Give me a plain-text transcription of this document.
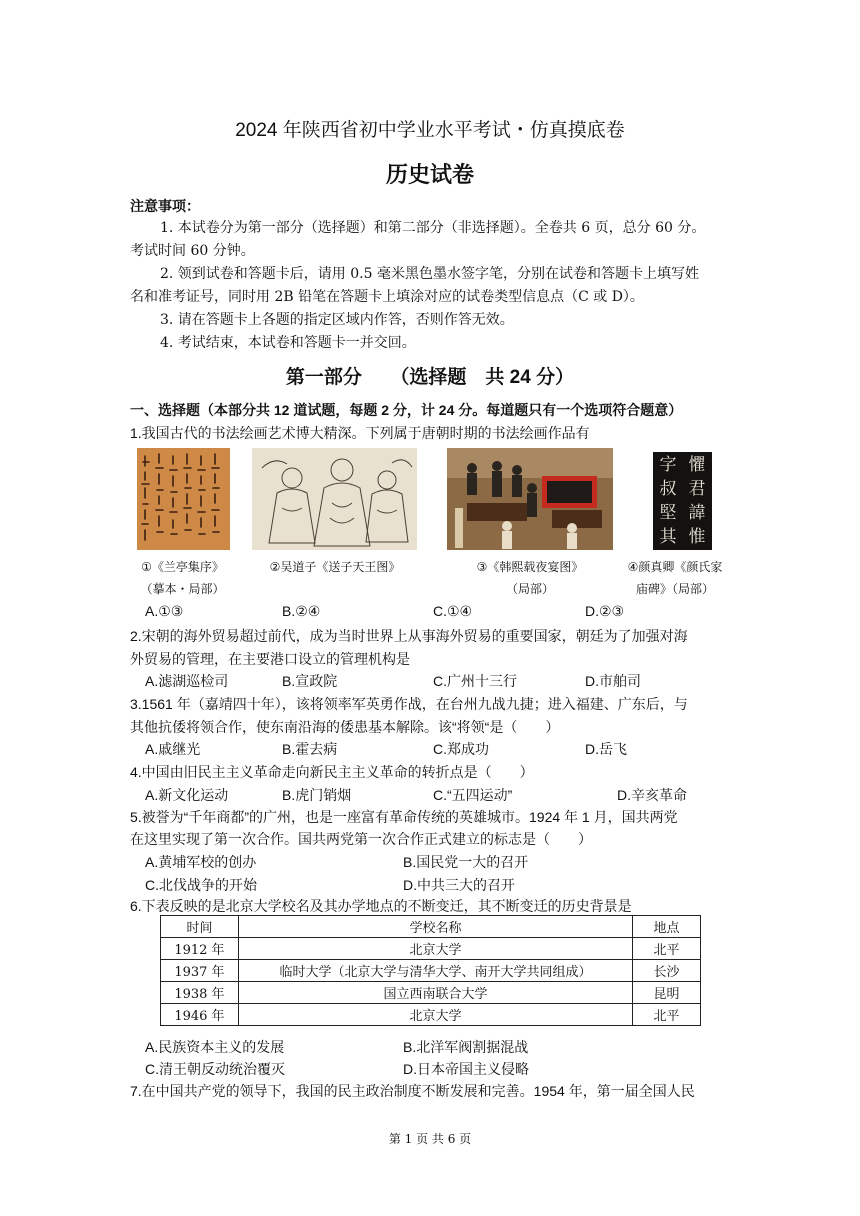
2024 年陕西省初中学业水平考试・仿真摸底卷
历史试卷
注意事项：
1. 本试卷分为第一部分（选择题）和第二部分（非选择题）。全卷共 6 页，总分 60 分。
考试时间 60 分钟。
2. 领到试卷和答题卡后，请用 0.5 毫米黑色墨水签字笔，分别在试卷和答题卡上填写姓
名和准考证号，同时用 2B 铅笔在答题卡上填涂对应的试卷类型信息点（C 或 D）。
3. 请在答题卡上各题的指定区域内作答，否则作答无效。
4. 考试结束，本试卷和答题卡一并交回。
第一部分　　（选择题　共 24 分）
一、选择题（本部分共 12 道试题，每题 2 分，计 24 分。每道题只有一个选项符合题意）
1.我国古代的书法绘画艺术博大精深。下列属于唐朝时期的书法绘画作品有
懼
君
諱
惟
字
叔
堅
其
①《兰亭集序》
（摹本・局部）
②吴道子《送子天王图》	③《韩熙载夜宴图》
（局部）
④颜真卿《颜氏家
庙碑》（局部）
A.①③	B.②④	C.①④	D.②③
2.宋朝的海外贸易超过前代，成为当时世界上从事海外贸易的重要国家，朝廷为了加强对海
外贸易的管理，在主要港口设立的管理机构是
A.滤湖巡检司	B.宣政院	C.广州十三行	D.市舶司
3.1561 年（嘉靖四十年），该将领率军英勇作战，在台州九战九捷；进入福建、广东后，与
其他抗倭将领合作，使东南沿海的倭患基本解除。该“将领“是（　　）
A.戚继光	B.霍去病	C.郑成功	D.岳飞
4.中国由旧民主主义革命走向新民主主义革命的转折点是（　　）
A.新文化运动	B.虎门销烟	C.“五四运动”	D.辛亥革命
5.被誉为“千年商都”的广州，也是一座富有革命传统的英雄城市。1924 年 1 月，国共两党
在这里实现了第一次合作。国共两党第一次合作正式建立的标志是（　　）
A.黄埔军校的创办	B.国民党一大的召开
C.北伐战争的开始	D.中共三大的召开
6.下表反映的是北京大学校名及其办学地点的不断变迁，其不断变迁的历史背景是
时间	学校名称	地点
1912 年	北京大学	北平
1937 年	临时大学（北京大学与清华大学、南开大学共同组成）	长沙
1938 年	国立西南联合大学	昆明
1946 年	北京大学	北平
A.民族资本主义的发展	B.北洋军阀割据混战
C.清王朝反动统治覆灭	D.日本帝国主义侵略
7.在中国共产党的领导下，我国的民主政治制度不断发展和完善。1954 年，第一届全国人民
第 1 页 共 6 页
